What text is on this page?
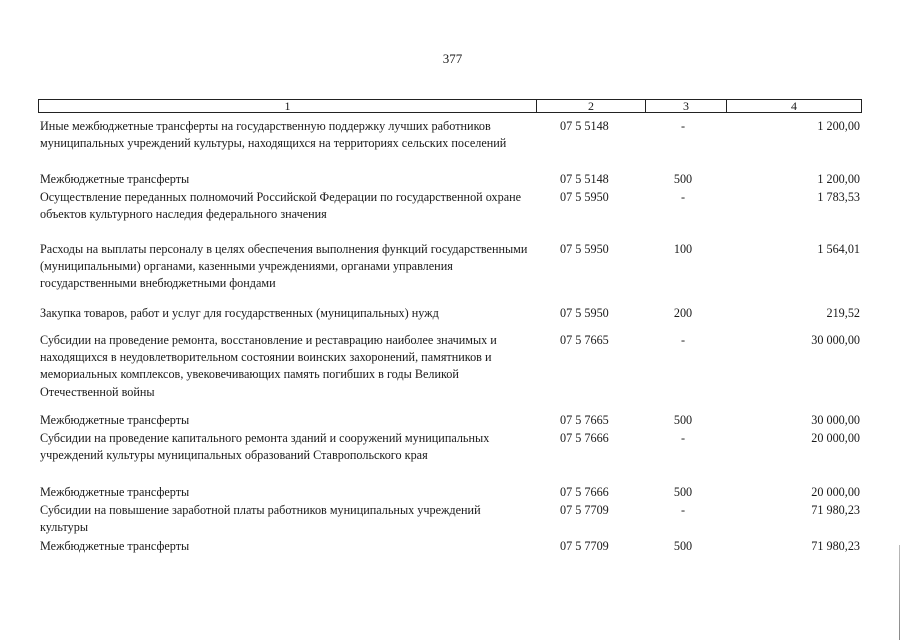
377
1	2	3	4
Иные межбюджетные трансферты на государственную поддержку лучших работников муниципальных учреждений культуры, находящихся на территориях сельских поселений
07 5 5148	-	1 200,00
Межбюджетные трансферты	07 5 5148	500	1 200,00
Осуществление переданных полномочий Российской Федерации по государственной охране объектов культурного наследия федерального значения
07 5 5950	-	1 783,53
Расходы на выплаты персоналу в целях обеспечения выполнения функций государственными (муниципальными) органами, казенными учреждениями, органами управления государственными внебюджетными фондами
07 5 5950	100	1 564,01
Закупка товаров, работ и услуг для государственных (муниципальных) нужд	07 5 5950	200	219,52
Субсидии на проведение ремонта, восстановление и реставрацию наиболее значимых и находящихся в неудовлетворительном состоянии воинских захоронений, памятников и мемориальных комплексов, увековечивающих память погибших в годы Великой Отечественной войны
07 5 7665	-	30 000,00
Межбюджетные трансферты	07 5 7665	500	30 000,00
Субсидии на проведение капитального ремонта зданий и сооружений муниципальных учреждений культуры муниципальных образований Ставропольского края
07 5 7666	-	20 000,00
Межбюджетные трансферты	07 5 7666	500	20 000,00
Субсидии на повышение заработной платы работников муниципальных учреждений культуры
07 5 7709	-	71 980,23
Межбюджетные трансферты	07 5 7709	500	71 980,23
